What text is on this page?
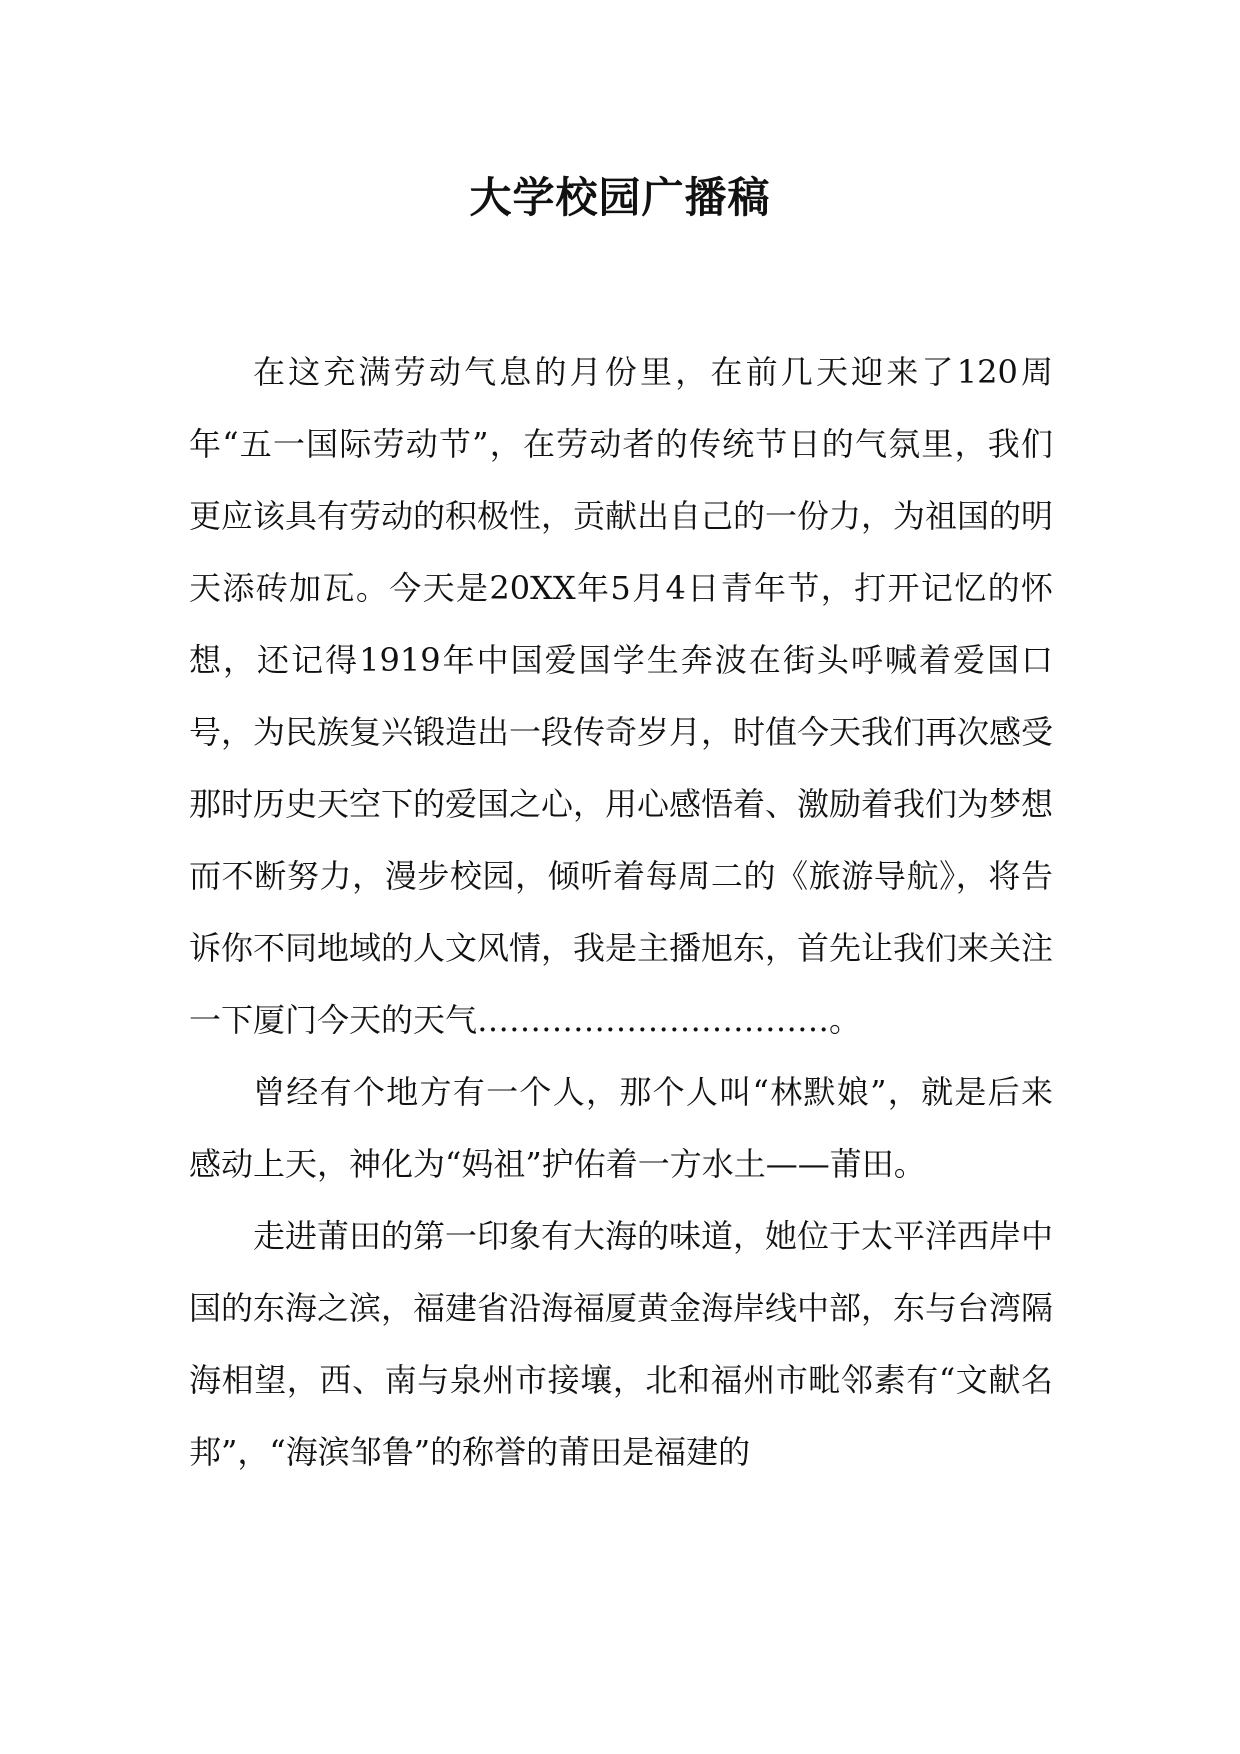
大学校园广播稿

在这充满劳动气息的月份里，在前几天迎来了120周年“五一国际劳动节”，在劳动者的传统节日的气氛里，我们更应该具有劳动的积极性，贡献出自己的一份力，为祖国的明天添砖加瓦。今天是20XX年5月4日青年节，打开记忆的怀想，还记得1919年中国爱国学生奔波在街头呼喊着爱国口号，为民族复兴锻造出一段传奇岁月，时值今天我们再次感受那时历史天空下的爱国之心，用心感悟着、激励着我们为梦想而不断努力，漫步校园，倾听着每周二的《旅游导航》，将告诉你不同地域的人文风情，我是主播旭东，首先让我们来关注一下厦门今天的天气……………………………。

曾经有个地方有一个人，那个人叫“林默娘”，就是后来感动上天，神化为“妈祖”护佑着一方水土——莆田。

走进莆田的第一印象有大海的味道，她位于太平洋西岸中国的东海之滨，福建省沿海福厦黄金海岸线中部，东与台湾隔海相望，西、南与泉州市接壤，北和福州市毗邻素有“文献名邦”，“海滨邹鲁”的称誉的莆田是福建的
